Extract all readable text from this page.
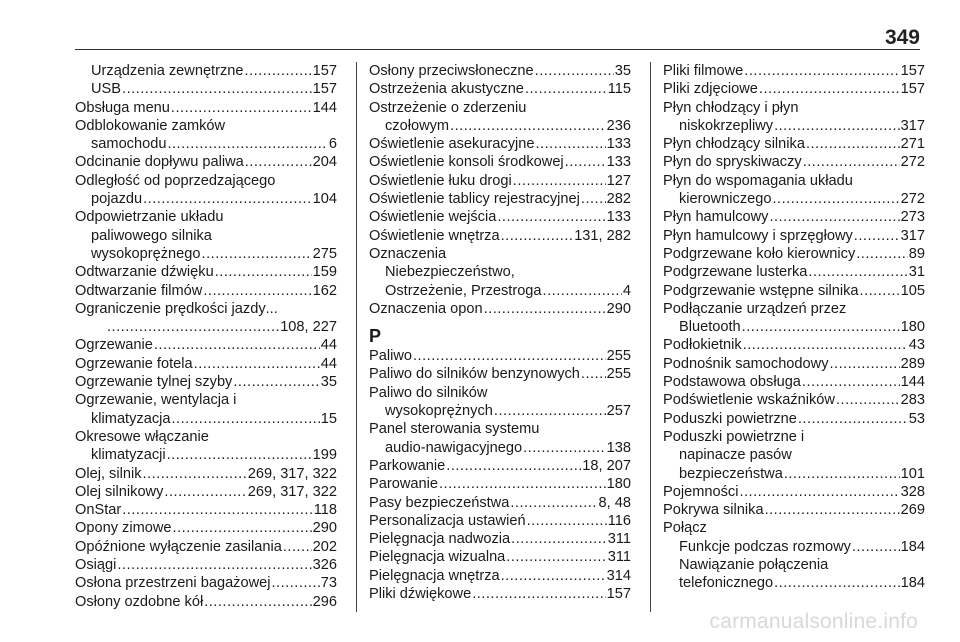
349
Urządzenia zewnętrzne .....	157
USB .....	157
Obsługa menu .....	144
Odblokowanie zamków
samochodu .....	6
Odcinanie dopływu paliwa .....	204
Odległość od poprzedzającego
pojazdu .....	104
Odpowietrzanie układu
paliwowego silnika
wysokoprężnego .....	275
Odtwarzanie dźwięku .....	159
Odtwarzanie filmów .....	162
Ograniczenie prędkości jazdy ...
.....
108, 227
Ogrzewanie .....	44
Ogrzewanie fotela .....	44
Ogrzewanie tylnej szyby .....	35
Ogrzewanie, wentylacja i
klimatyzacja .....	15
Okresowe włączanie
klimatyzacji .....	199
Olej, silnik .....	269, 317, 322
Olej silnikowy .....	269, 317, 322
OnStar .....	118
Opony zimowe .....	290
Opóźnione wyłączenie zasilania ..... 202
Osiągi .....	326
Osłona przestrzeni bagażowej .....	73
Osłony ozdobne kół .....	296
Osłony przeciwsłoneczne .....	35
Ostrzeżenia akustyczne .....	115
Ostrzeżenie o zderzeniu
czołowym .....	236
Oświetlenie asekuracyjne .....	133
Oświetlenie konsoli środkowej .....	133
Oświetlenie łuku drogi .....	127
Oświetlenie tablicy rejestracyjnej ..... 282
Oświetlenie wejścia .....	133
Oświetlenie wnętrza .....	131, 282
Oznaczenia
Niebezpieczeństwo,
Ostrzeżenie, Przestroga .....	4
Oznaczenia opon .....	290
P
Paliwo .....	255
Paliwo do silników benzynowych ..... 255
Paliwo do silników
wysokoprężnych .....	257
Panel sterowania systemu
audio-nawigacyjnego .....	138
Parkowanie .....	18, 207
Parowanie .....	180
Pasy bezpieczeństwa .....	8, 48
Personalizacja ustawień .....	116
Pielęgnacja nadwozia .....	311
Pielęgnacja wizualna .....	311
Pielęgnacja wnętrza .....	314
Pliki dźwiękowe .....	157
Pliki filmowe .....	157
Pliki zdjęciowe .....	157
Płyn chłodzący i płyn
niskokrzepliwy .....	317
Płyn chłodzący silnika .....	271
Płyn do spryskiwaczy .....	272
Płyn do wspomagania układu
kierowniczego .....	272
Płyn hamulcowy .....	273
Płyn hamulcowy i sprzęgłowy .....	317
Podgrzewane koło kierownicy .....	89
Podgrzewane lusterka .....	31
Podgrzewanie wstępne silnika .....	105
Podłączanie urządzeń przez
Bluetooth .....	180
Podłokietnik .....	43
Podnośnik samochodowy .....	289
Podstawowa obsługa .....	144
Podświetlenie wskaźników .....	283
Poduszki powietrzne .....	53
Poduszki powietrzne i
napinacze pasów
bezpieczeństwa .....	101
Pojemności .....	328
Pokrywa silnika .....	269
Połącz
Funkcje podczas rozmowy .....	184
Nawiązanie połączenia
telefonicznego .....	184
carmanualsonline.info
